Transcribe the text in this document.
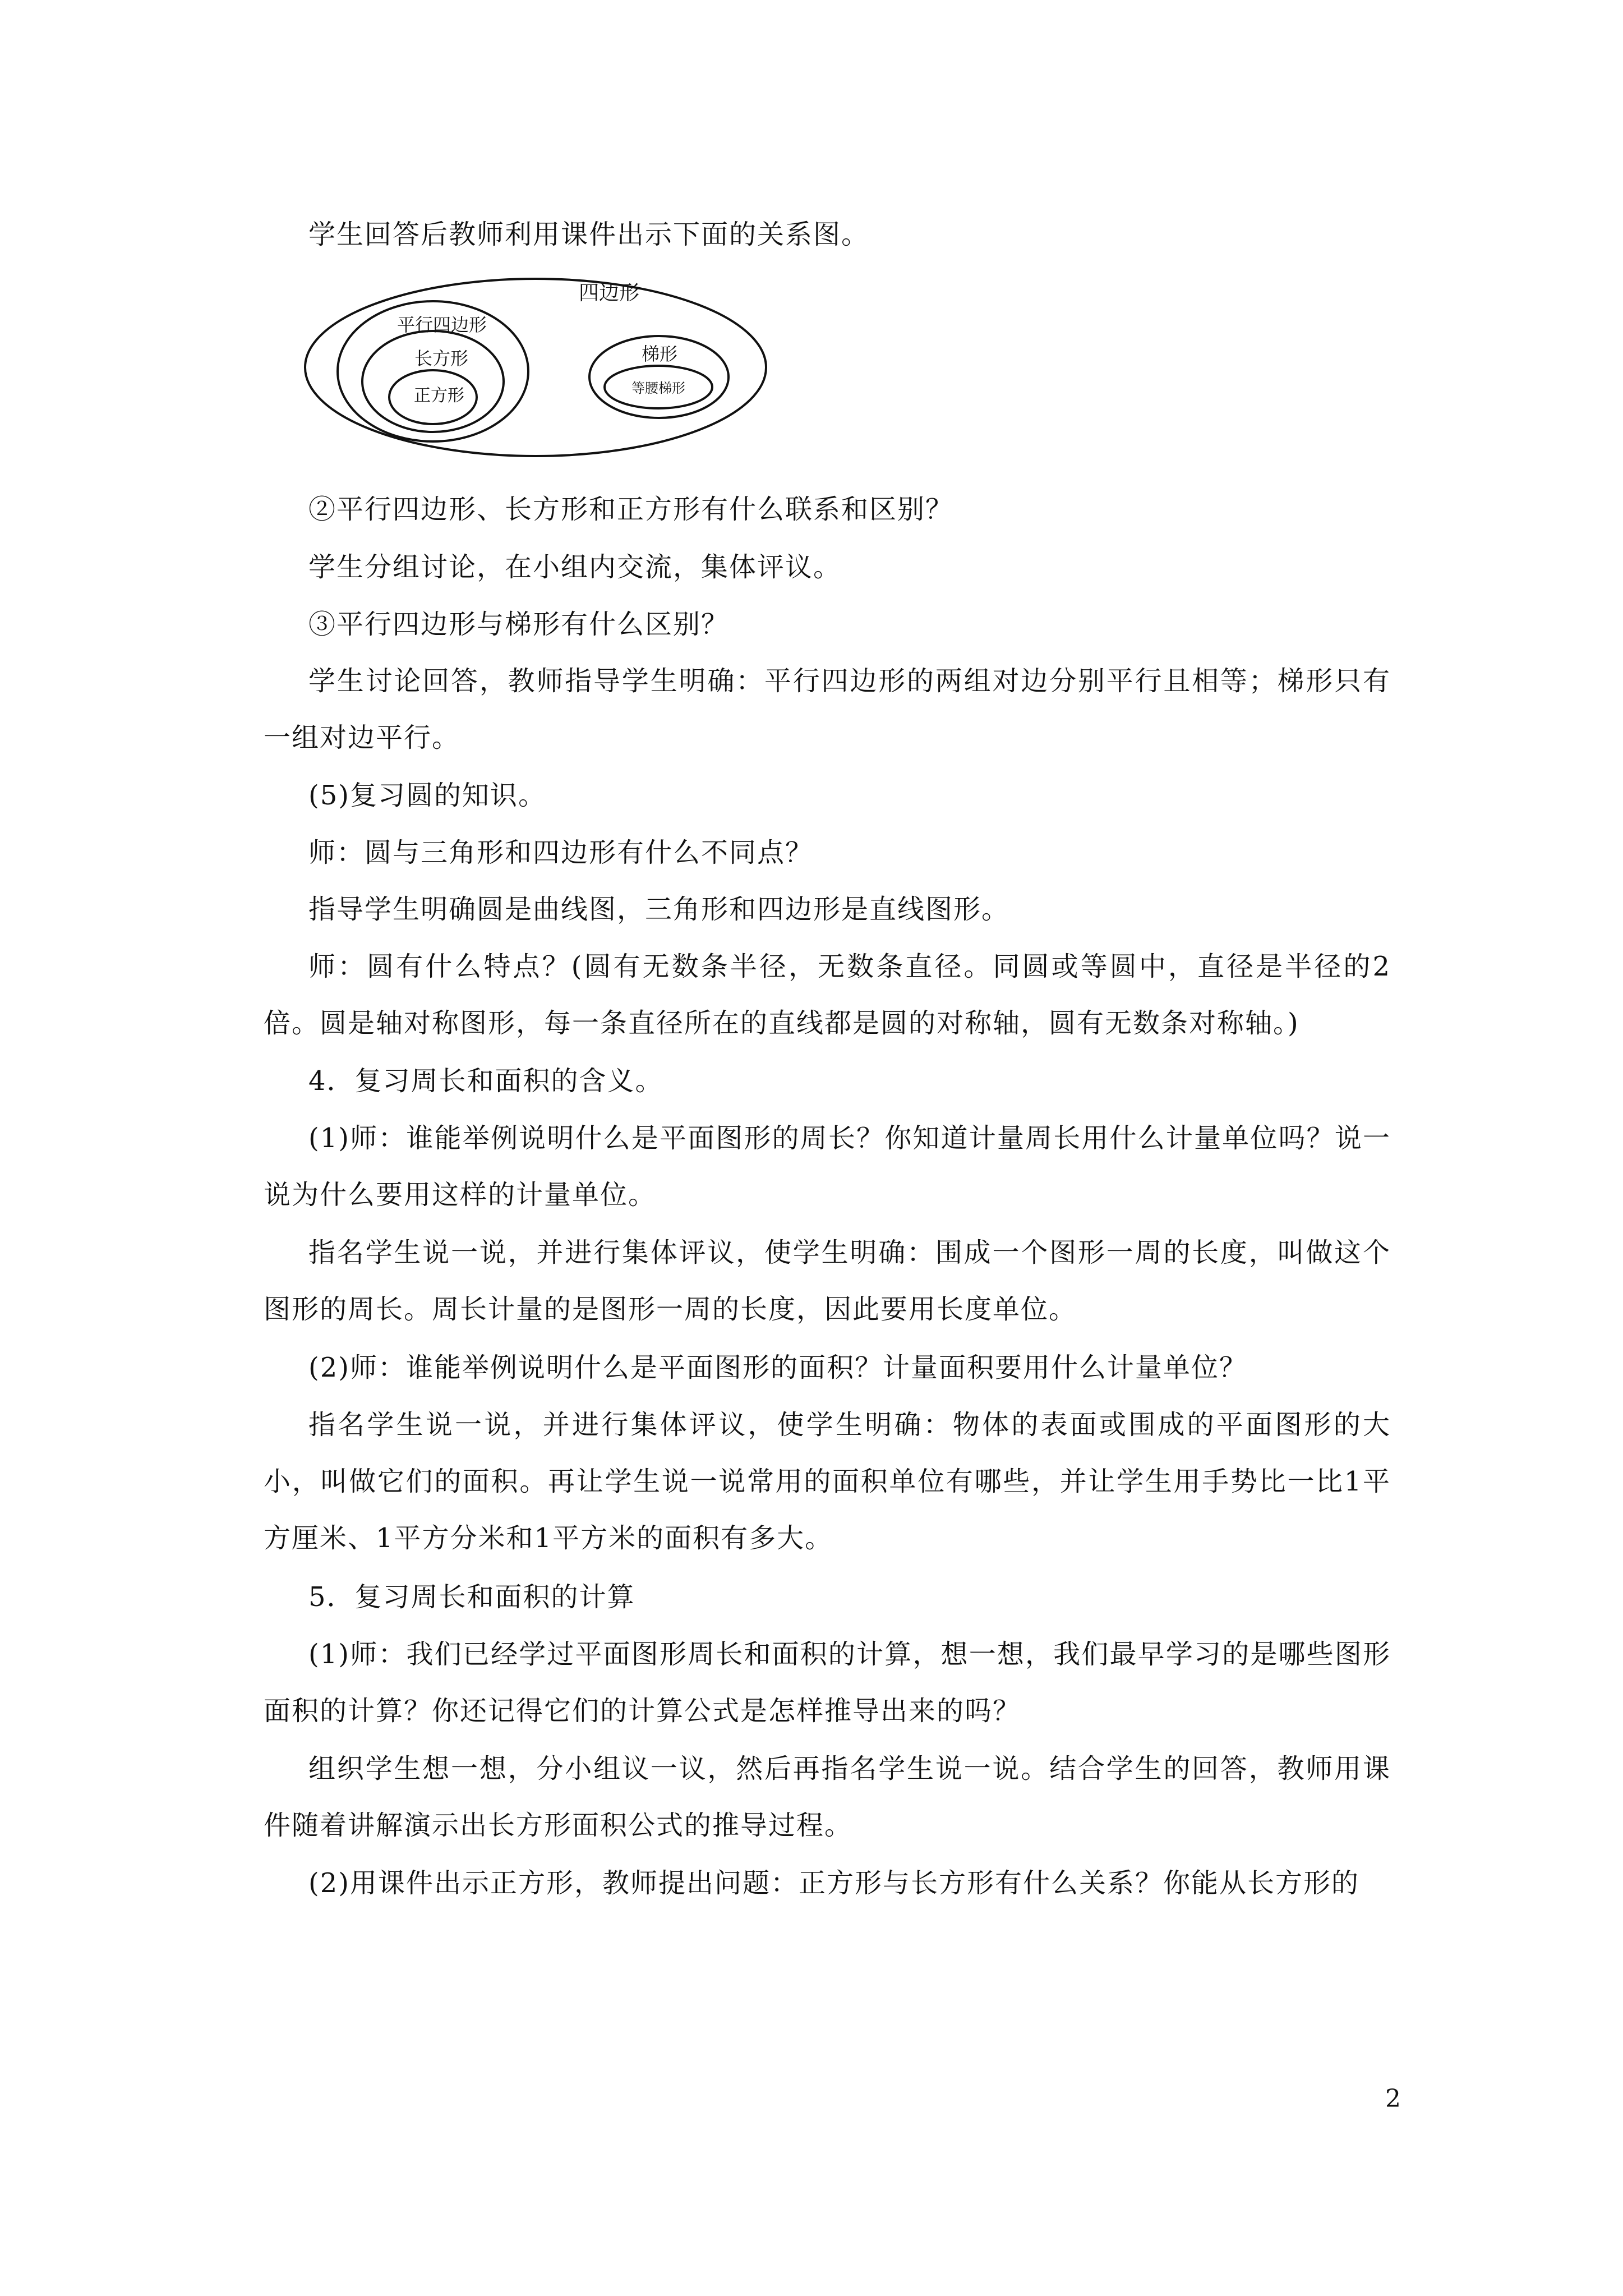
学生回答后教师利用课件出示下面的关系图。
四边形
平行四边形
长方形
正方形
梯形
等腰梯形
②平行四边形、长方形和正方形有什么联系和区别？
学生分组讨论，在小组内交流，集体评议。
③平行四边形与梯形有什么区别？
学生讨论回答，教师指导学生明确：平行四边形的两组对边分别平行且相等；梯形只有一组对边平行。
(5)复习圆的知识。
师：圆与三角形和四边形有什么不同点？
指导学生明确圆是曲线图，三角形和四边形是直线图形。
师：圆有什么特点？(圆有无数条半径，无数条直径。同圆或等圆中，直径是半径的2倍。圆是轴对称图形，每一条直径所在的直线都是圆的对称轴，圆有无数条对称轴。)
4．复习周长和面积的含义。
(1)师：谁能举例说明什么是平面图形的周长？你知道计量周长用什么计量单位吗？说一说为什么要用这样的计量单位。
指名学生说一说，并进行集体评议，使学生明确：围成一个图形一周的长度，叫做这个图形的周长。周长计量的是图形一周的长度，因此要用长度单位。
(2)师：谁能举例说明什么是平面图形的面积？计量面积要用什么计量单位？
指名学生说一说，并进行集体评议，使学生明确：物体的表面或围成的平面图形的大小，叫做它们的面积。再让学生说一说常用的面积单位有哪些，并让学生用手势比一比1平方厘米、1平方分米和1平方米的面积有多大。
5．复习周长和面积的计算
(1)师：我们已经学过平面图形周长和面积的计算，想一想，我们最早学习的是哪些图形面积的计算？你还记得它们的计算公式是怎样推导出来的吗？
组织学生想一想，分小组议一议，然后再指名学生说一说。结合学生的回答，教师用课件随着讲解演示出长方形面积公式的推导过程。
(2)用课件出示正方形，教师提出问题：正方形与长方形有什么关系？你能从长方形的
2
